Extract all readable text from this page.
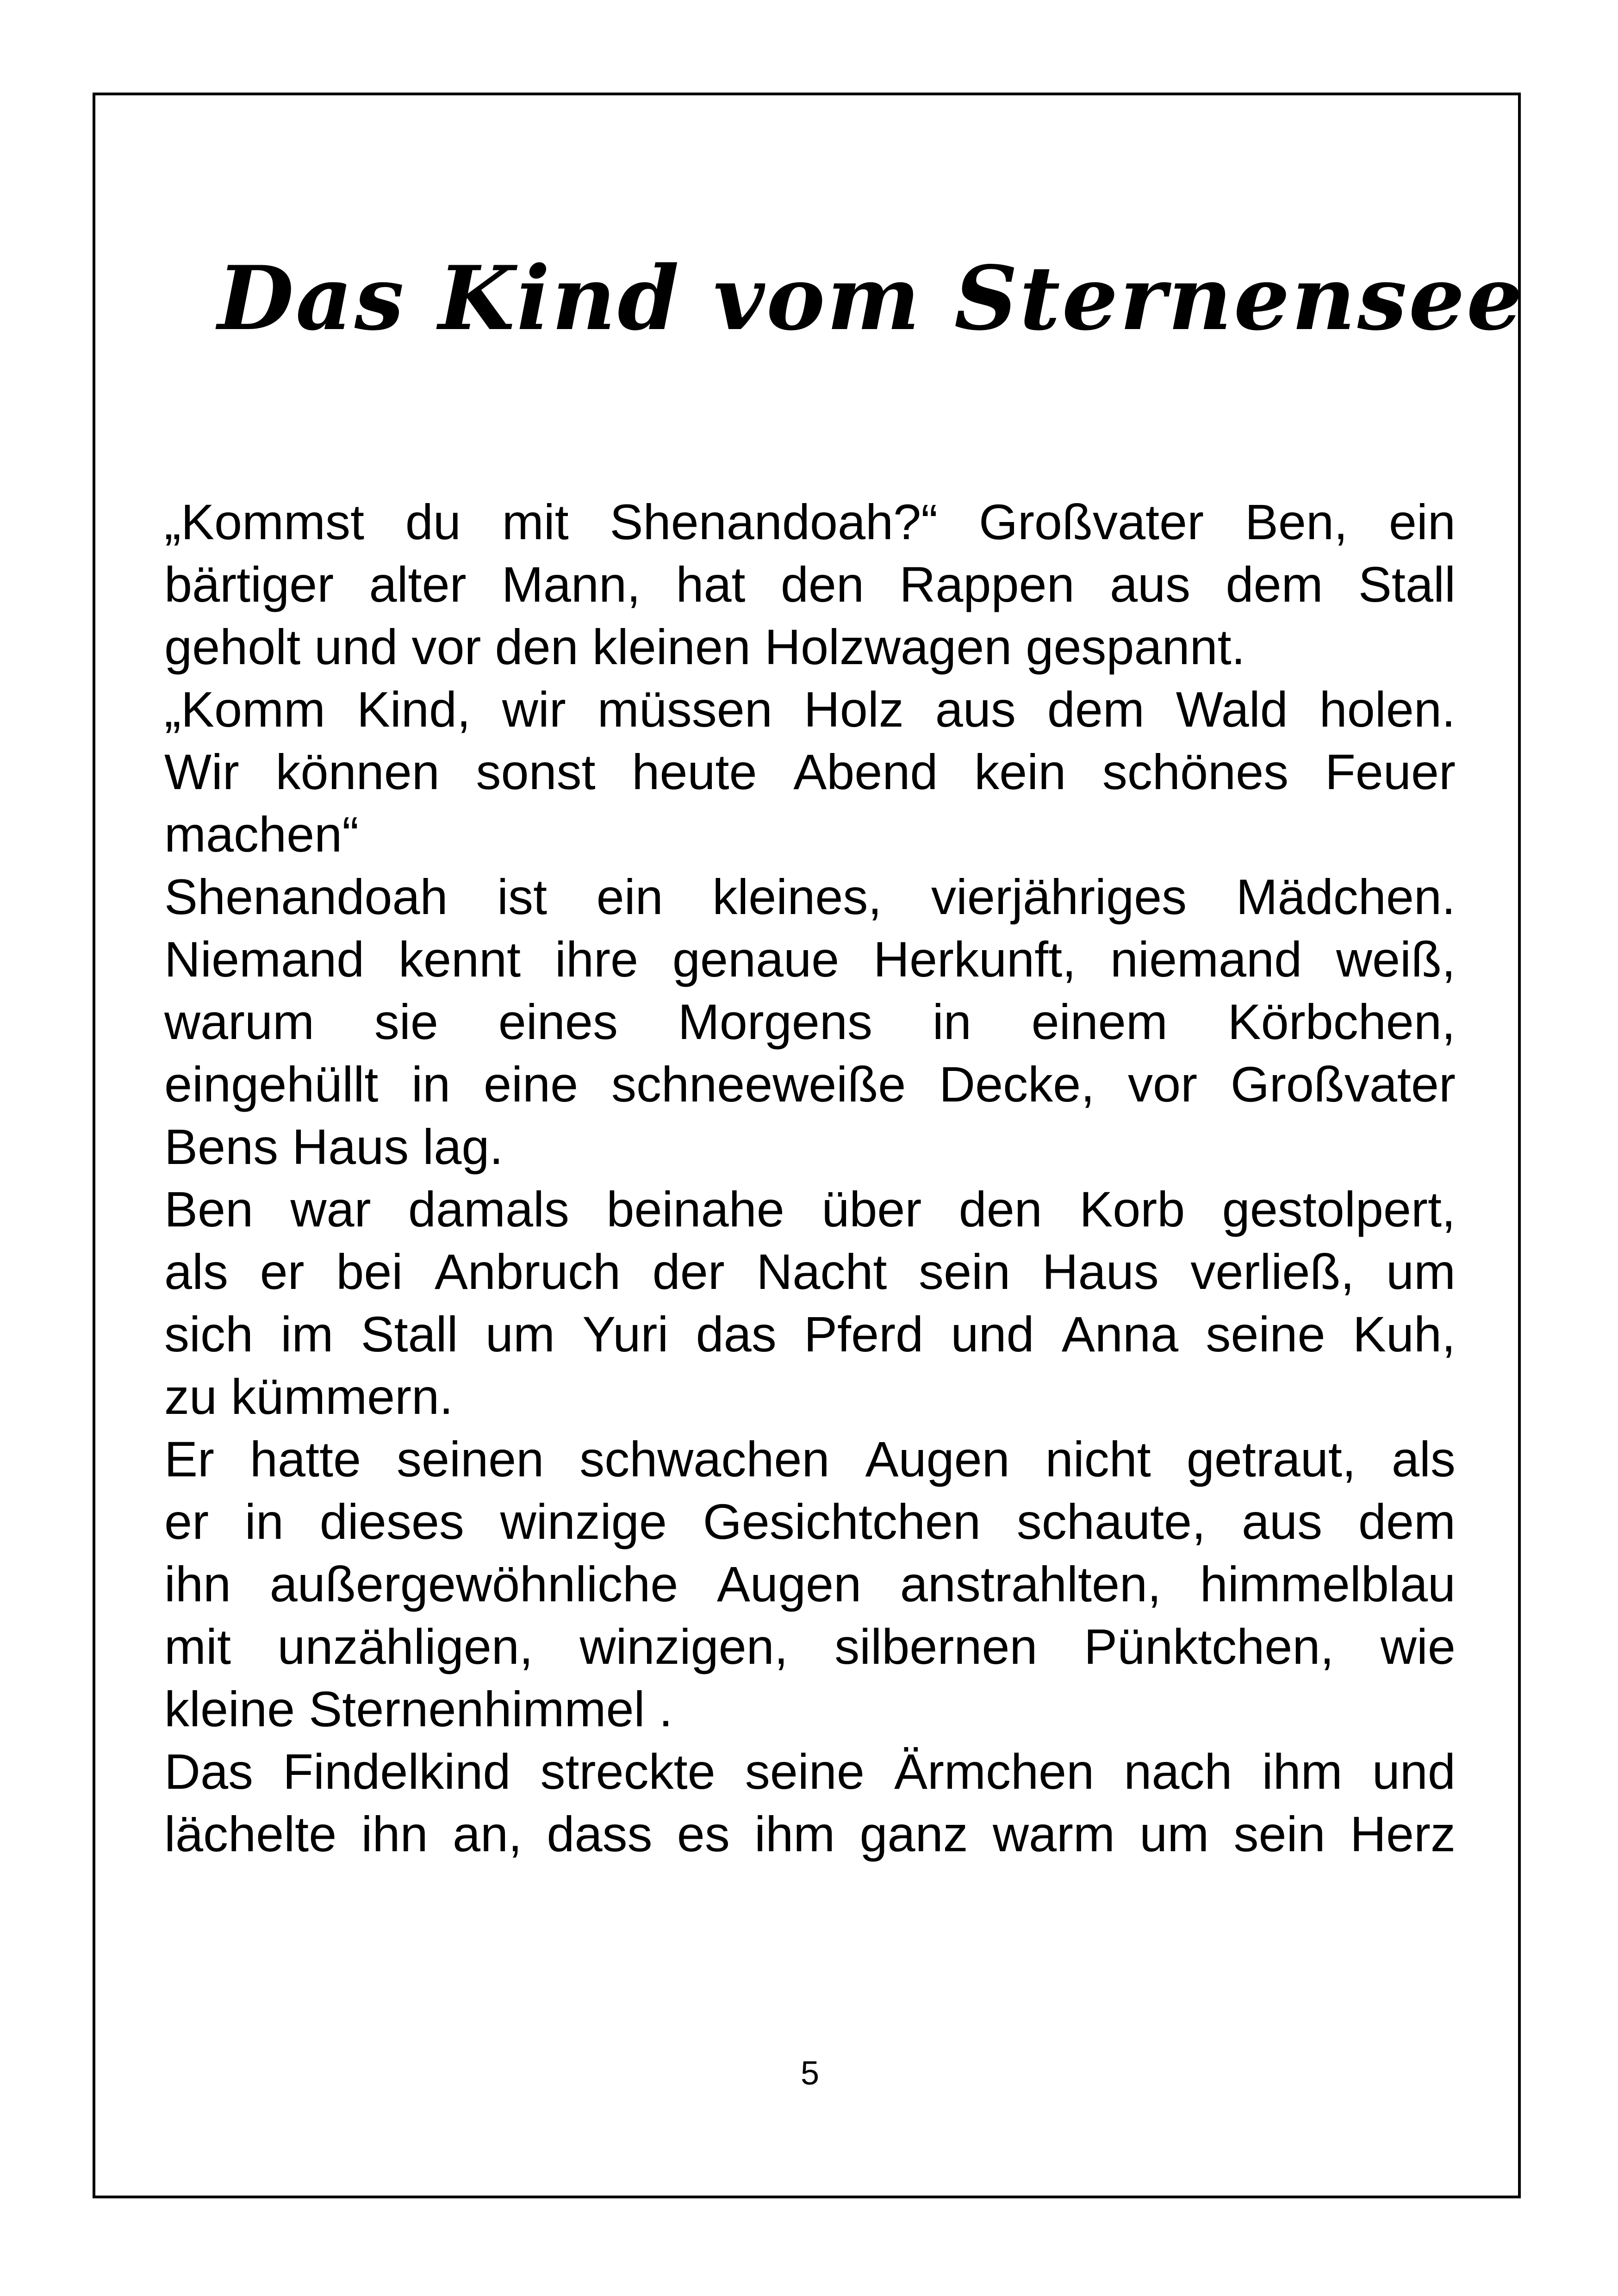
Das Kind vom Sternensee
„Kommst du mit Shenandoah?“ Großvater Ben, ein
bärtiger alter Mann, hat den Rappen aus dem Stall
geholt und vor den kleinen Holzwagen gespannt.
„Komm Kind, wir müssen Holz aus dem Wald holen.
Wir können sonst heute Abend kein schönes Feuer
machen“
Shenandoah ist ein kleines, vierjähriges Mädchen.
Niemand kennt ihre genaue Herkunft, niemand weiß,
warum sie eines Morgens in einem Körbchen,
eingehüllt in eine schneeweiße Decke, vor Großvater
Bens Haus lag.
Ben war damals beinahe über den Korb gestolpert,
als er bei Anbruch der Nacht sein Haus verließ, um
sich im Stall um Yuri das Pferd und Anna seine Kuh,
zu kümmern.
Er hatte seinen schwachen Augen nicht getraut, als
er in dieses winzige Gesichtchen schaute, aus dem
ihn außergewöhnliche Augen anstrahlten, himmelblau
mit unzähligen, winzigen, silbernen Pünktchen, wie
kleine Sternenhimmel .
Das Findelkind streckte seine Ärmchen nach ihm und
lächelte ihn an, dass es ihm ganz warm um sein Herz
5
